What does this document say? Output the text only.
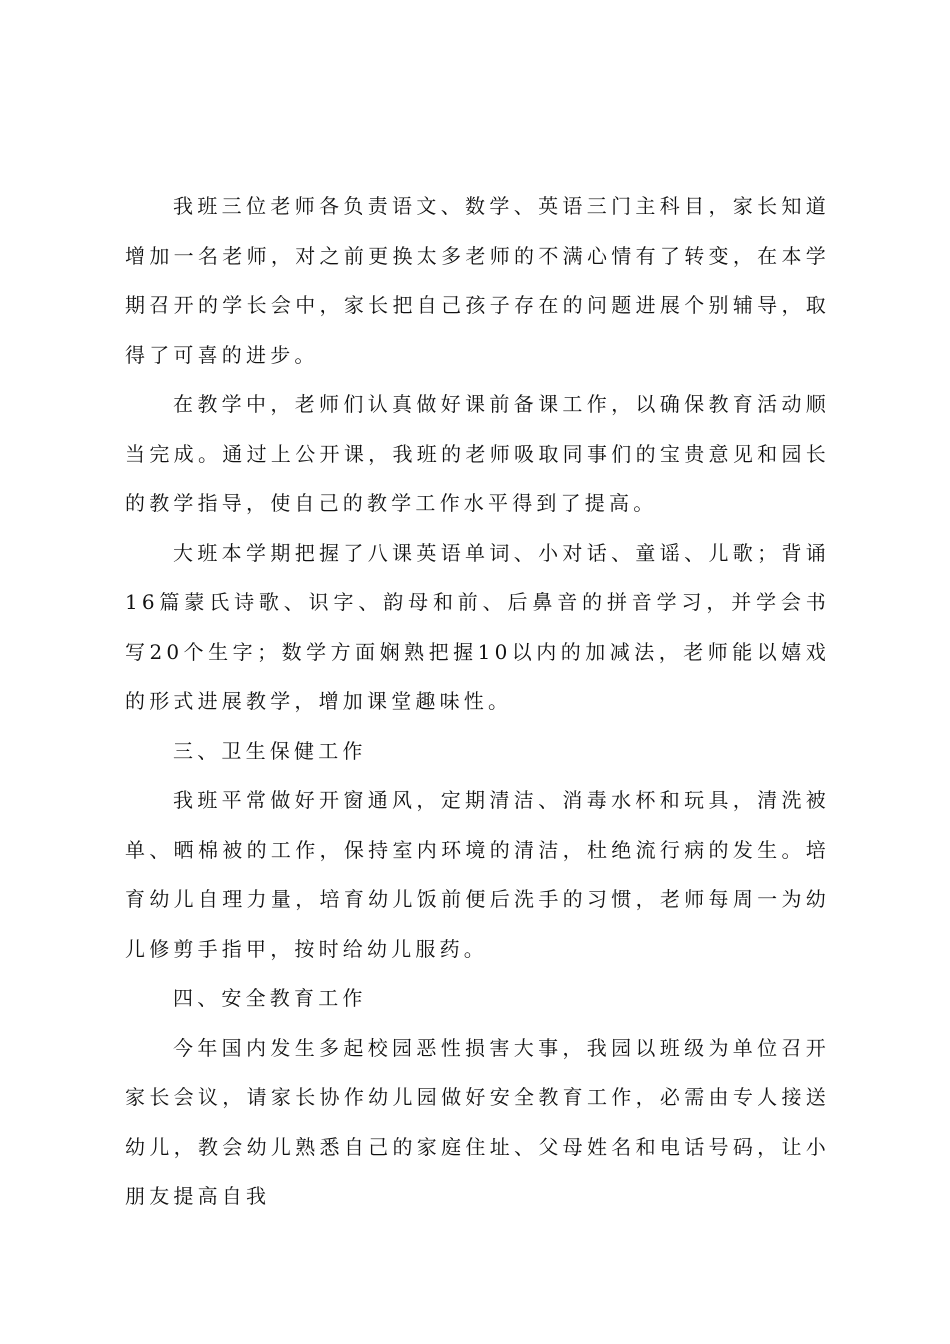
我班三位老师各负责语文、数学、英语三门主科目，家长知道增加一名老师，对之前更换太多老师的不满心情有了转变，在本学期召开的学长会中，家长把自己孩子存在的问题进展个别辅导，取得了可喜的进步。

在教学中，老师们认真做好课前备课工作，以确保教育活动顺当完成。通过上公开课，我班的老师吸取同事们的宝贵意见和园长的教学指导，使自己的教学工作水平得到了提高。

大班本学期把握了八课英语单词、小对话、童谣、儿歌；背诵16篇蒙氏诗歌、识字、韵母和前、后鼻音的拼音学习，并学会书写20个生字；数学方面娴熟把握10以内的加减法，老师能以嬉戏的形式进展教学，增加课堂趣味性。

三、卫生保健工作

我班平常做好开窗通风，定期清洁、消毒水杯和玩具，清洗被单、晒棉被的工作，保持室内环境的清洁，杜绝流行病的发生。培育幼儿自理力量，培育幼儿饭前便后洗手的习惯，老师每周一为幼儿修剪手指甲，按时给幼儿服药。

四、安全教育工作

今年国内发生多起校园恶性损害大事，我园以班级为单位召开家长会议，请家长协作幼儿园做好安全教育工作，必需由专人接送幼儿，教会幼儿熟悉自己的家庭住址、父母姓名和电话号码，让小朋友提高自我
